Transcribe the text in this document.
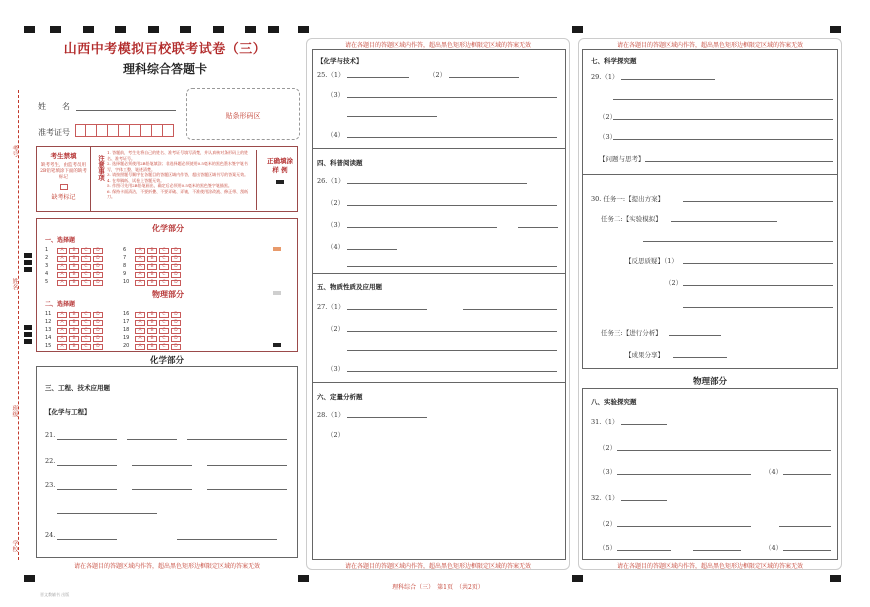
考号
姓名
班级
学校
山西中考模拟百校联考试卷（三）
理科综合答题卡
姓　　名
准考证号
贴条形码区
考生禁填
缺考考生，由监考员用2B铅笔填涂下面的缺考标记
缺考标记
注意事项
1. 答题前，考生先将自己的姓名、准考证号填写清楚，并认真核对条形码上的姓名、准考证号。
2. 选择题必须使用2B铅笔填涂；非选择题必须使用0.5毫米的黑色墨水签字笔书写，字体工整、笔迹清楚。
3. 请按照题号顺序在各题目的答题区域内作答，超出答题区域书写的答案无效。
4. 在草稿纸、试卷上答题无效。
5. 作图可先用2B铅笔画出，确定后必须用0.5毫米的黑色签字笔描黑。
6. 保持卡面清洁，不要折叠、不要弄破、弄皱，不准使用涂改液、修正带、刮纸刀。
正确填涂
样 例
化学部分
一、选择题
1	A B C D
2	A B C D
3	A B C D
4	A B C D
5	A B C D
6	A B C D
7	A B C D
8	A B C D
9	A B C D
10 A B C D
物理部分
二、选择题
11 A B C D
12 A B C D
13 A B C D
14 A B C D
15 A B C D
16 A B C D
17 A B C D
18 A B C D
19 A B C D
20 A B C D
化学部分
三、工程、技术应用题
【化学与工程】
21.
22.
23.
24.
请在各题目的答题区域内作答，超出黑色矩形边框限定区域的答案无效
请在各题目的答题区域内作答，超出黑色矩形边框限定区域的答案无效
【化学与技术】
25.（1）	（2）
（3）
（4）
四、科普阅读题
26.（1）
（2）
（3）
（4）
五、物质性质及应用题
27.（1）
（2）
（3）
六、定量分析题
28.（1）
（2）
请在各题目的答题区域内作答，超出黑色矩形边框限定区域的答案无效
请在各题目的答题区域内作答，超出黑色矩形边框限定区域的答案无效
七、科学探究题
29.（1）
（2）
（3）
【问题与思考】
30. 任务一:【提出方案】
任务二:【实验模拟】
【反思质疑】（1）
（2）
任务三:【进行分析】
【成果分享】
物理部分
八、实验探究题
31.（1）
（2）
（3）	（4）
32.（1）
（2）
（5）	（4）
请在各题目的答题区域内作答，超出黑色矩形边框限定区域的答案无效
理科综合（三）　第1页　（共2页）
晋文教辅书 出版
